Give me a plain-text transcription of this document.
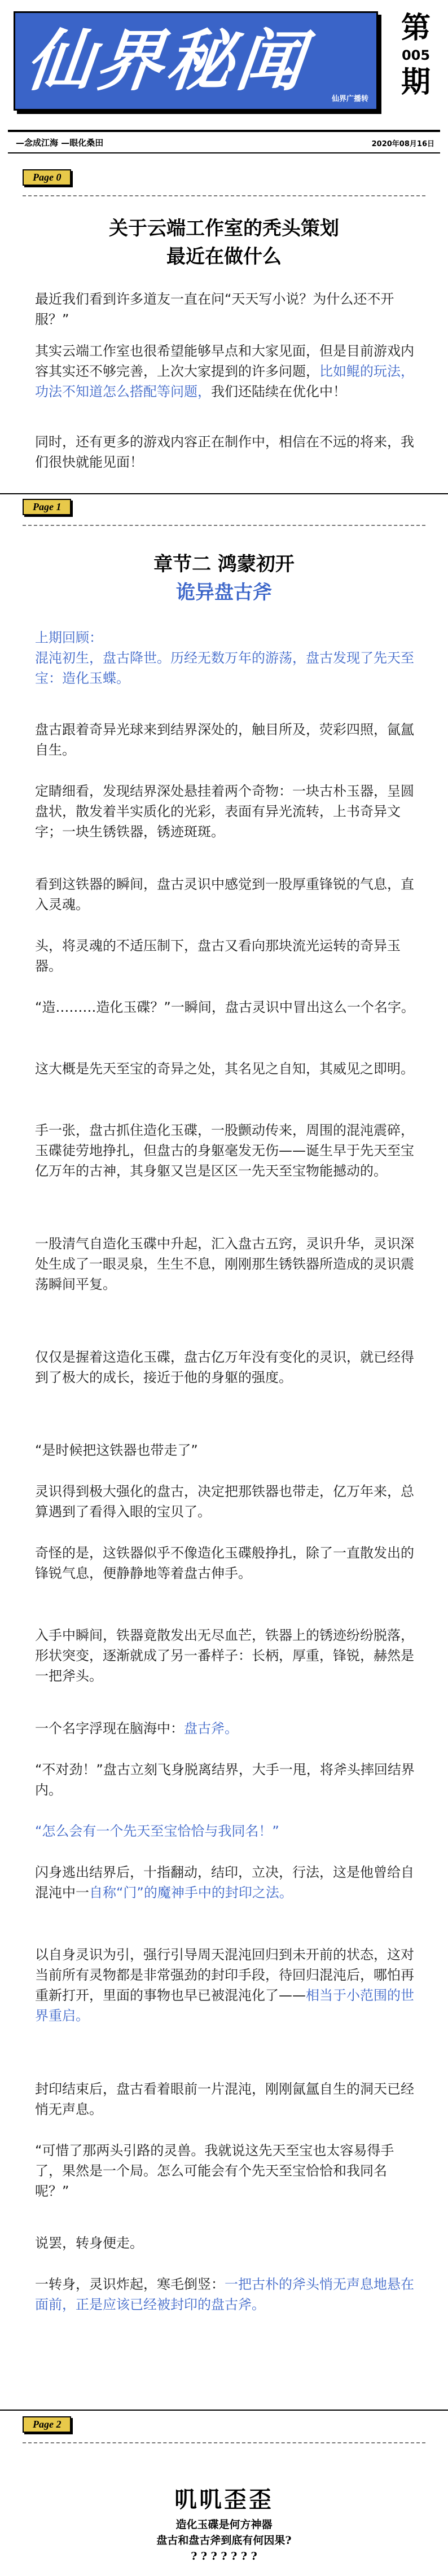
仙界秘闻	仙界广播转
第
005
期
—念成江海 —眼化桑田	2020年08月16日
Page 0
关于云端工作室的秃头策划
最近在做什么
最近我们看到许多道友一直在问“天天写小说？为什么还不开服？”
其实云端工作室也很希望能够早点和大家见面，但是目前游戏内容其实还不够完善，上次大家提到的许多问题，比如鲲的玩法，功法不知道怎么搭配等问题，我们还陆续在优化中！
同时，还有更多的游戏内容正在制作中，相信在不远的将来，我们很快就能见面！
Page 1
章节二 鸿蒙初开
诡异盘古斧
上期回顾：
混沌初生，盘古降世。历经无数万年的游荡，盘古发现了先天至宝：造化玉蝶。
盘古跟着奇异光球来到结界深处的，触目所及，荧彩四照，氤氲自生。
定睛细看，发现结界深处悬挂着两个奇物：一块古朴玉器，呈圆盘状，散发着半实质化的光彩，表面有异光流转，上书奇异文字；一块生锈铁器，锈迹斑斑。
看到这铁器的瞬间，盘古灵识中感觉到一股厚重锋锐的气息，直入灵魂。
头，将灵魂的不适压制下，盘古又看向那块流光运转的奇异玉器。
“造………造化玉碟？”一瞬间，盘古灵识中冒出这么一个名字。
这大概是先天至宝的奇异之处，其名见之自知，其威见之即明。
手一张，盘古抓住造化玉碟，一股颤动传来，周围的混沌震碎，玉碟徒劳地挣扎，但盘古的身躯毫发无伤——诞生早于先天至宝亿万年的古神，其身躯又岂是区区一先天至宝物能撼动的。
一股清气自造化玉碟中升起，汇入盘古五窍，灵识升华，灵识深处生成了一眼灵泉，生生不息，刚刚那生锈铁器所造成的灵识震荡瞬间平复。
仅仅是握着这造化玉碟，盘古亿万年没有变化的灵识，就已经得到了极大的成长，接近于他的身躯的强度。
“是时候把这铁器也带走了”
灵识得到极大强化的盘古，决定把那铁器也带走，亿万年来，总算遇到了看得入眼的宝贝了。
奇怪的是，这铁器似乎不像造化玉碟般挣扎，除了一直散发出的锋锐气息，便静静地等着盘古伸手。
入手中瞬间，铁器竟散发出无尽血芒，铁器上的锈迹纷纷脱落，形状突变，逐渐就成了另一番样子：长柄，厚重，锋锐，赫然是一把斧头。
一个名字浮现在脑海中：盘古斧。
“不对劲！”盘古立刻飞身脱离结界，大手一甩，将斧头摔回结界内。
“怎么会有一个先天至宝恰恰与我同名！”
闪身逃出结界后，十指翻动，结印，立决，行法，这是他曾给自混沌中一自称“门”的魔神手中的封印之法。
以自身灵识为引，强行引导周天混沌回归到未开前的状态，这对当前所有灵物都是非常强劲的封印手段，待回归混沌后，哪怕再重新打开，里面的事物也早已被混沌化了——相当于小范围的世界重启。
封印结束后，盘古看着眼前一片混沌，刚刚氤氲自生的洞天已经悄无声息。
“可惜了那两头引路的灵兽。我就说这先天至宝也太容易得手了，果然是一个局。怎么可能会有个先天至宝恰恰和我同名呢？”
说罢，转身便走。
一转身，灵识炸起，寒毛倒竖：一把古朴的斧头悄无声息地悬在面前，正是应该已经被封印的盘古斧。
Page 2
叽叽歪歪
造化玉碟是何方神器
盘古和盘古斧到底有何因果?
? ? ? ? ? ? ?
